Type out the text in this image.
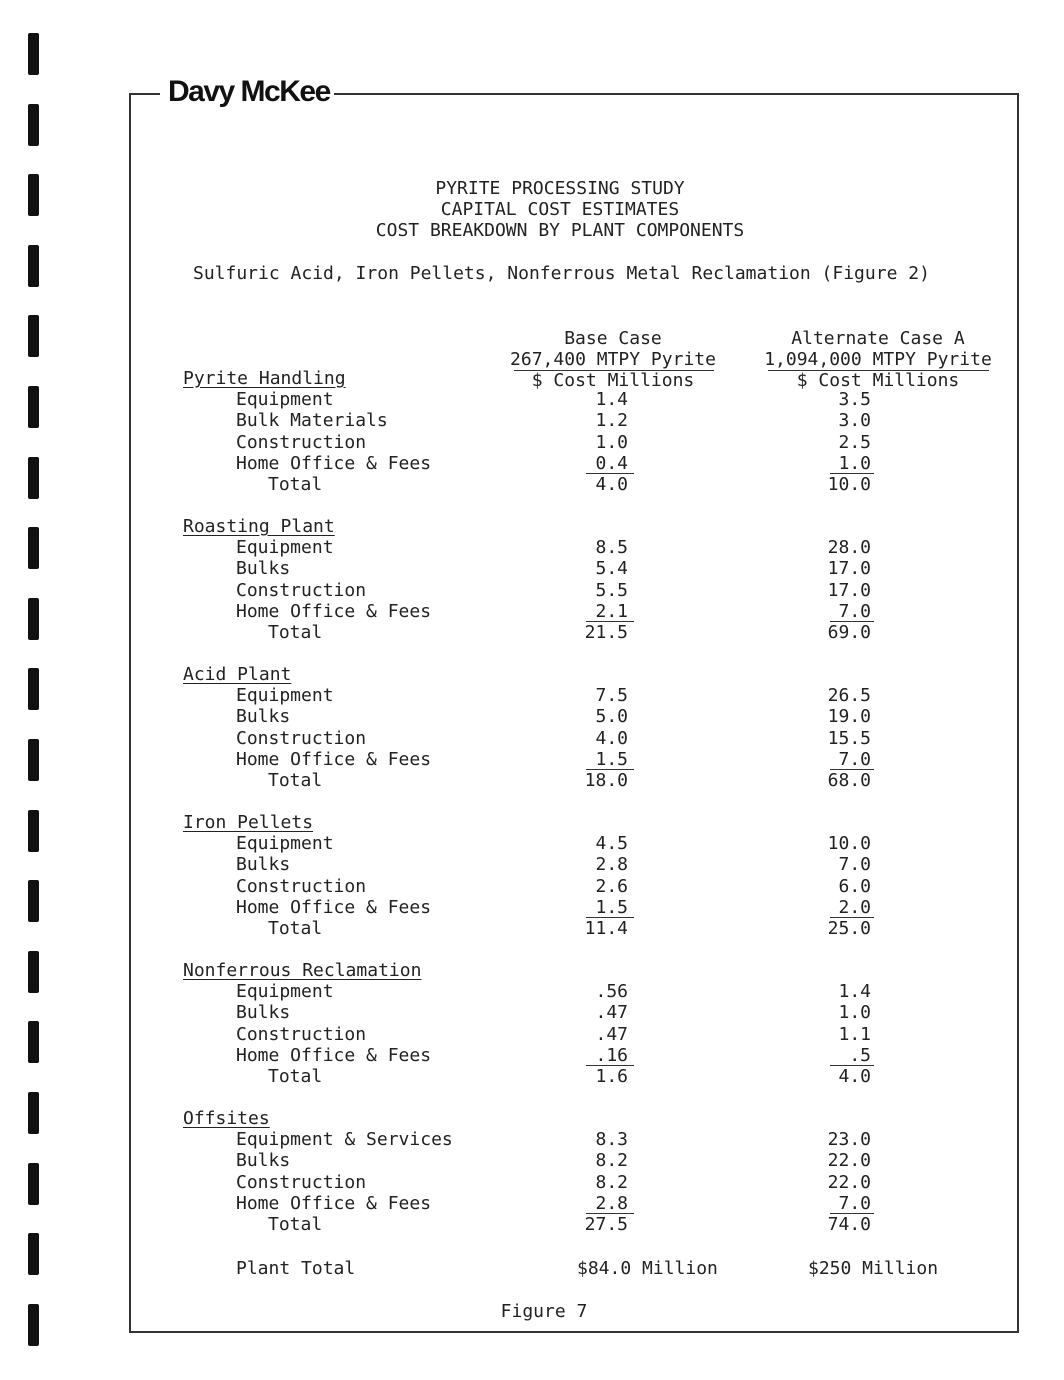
Davy McKee
PYRITE PROCESSING STUDY
CAPITAL COST ESTIMATES
COST BREAKDOWN BY PLANT COMPONENTS
Sulfuric Acid, Iron Pellets, Nonferrous Metal Reclamation (Figure 2)
Base Case
267,400 MTPY Pyrite
$ Cost Millions
Alternate Case A
1,094,000 MTPY Pyrite
$ Cost Millions
Pyrite Handling
Equipment	1.4	3.5
Bulk Materials	1.2	3.0
Construction	1.0	2.5
Home Office & Fees	0.4	1.0
Total	4.0	10.0
Roasting Plant
Equipment	8.5	28.0
Bulks	5.4	17.0
Construction	5.5	17.0
Home Office & Fees	2.1	7.0
Total	21.5	69.0
Acid Plant
Equipment	7.5	26.5
Bulks	5.0	19.0
Construction	4.0	15.5
Home Office & Fees	1.5	7.0
Total	18.0	68.0
Iron Pellets
Equipment	4.5	10.0
Bulks	2.8	7.0
Construction	2.6	6.0
Home Office & Fees	1.5	2.0
Total	11.4	25.0
Nonferrous Reclamation
Equipment	.56	1.4
Bulks	.47	1.0
Construction	.47	1.1
Home Office & Fees	.16	.5
Total	1.6	4.0
Offsites
Equipment & Services	8.3	23.0
Bulks	8.2	22.0
Construction	8.2	22.0
Home Office & Fees	2.8	7.0
Total	27.5	74.0
Plant Total	$84.0 Million	$250 Million
Figure 7
